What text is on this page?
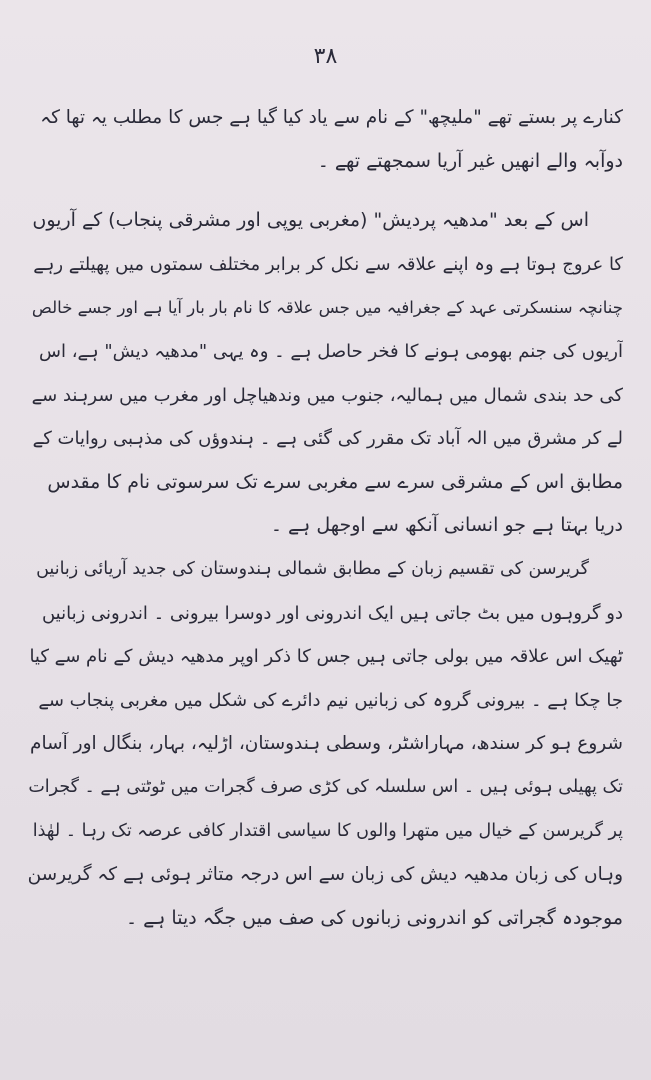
۳۸
کنارے پر بستے تھے "ملیچھ" کے نام سے یاد کیا گیا ہے جس کا مطلب یہ تھا کہ
دوآبہ والے انھیں غیر آریا سمجھتے تھے ۔
اس کے بعد "مدھیہ پردیش" (مغربی یوپی اور مشرقی پنجاب) کے آریوں
کا عروج ہوتا ہے وہ اپنے علاقہ سے نکل کر برابر مختلف سمتوں میں پھیلتے رہے
چنانچہ سنسکرتی عہد کے جغرافیہ میں جس علاقہ کا نام بار بار آیا ہے اور جسے خالص
آریوں کی جنم بھومی ہونے کا فخر حاصل ہے ۔ وہ یہی "مدھیہ دیش" ہے، اس
کی حد بندی شمال میں ہمالیہ، جنوب میں وندھیاچل اور مغرب میں سرہند سے
لے کر مشرق میں الہ آباد تک مقرر کی گئی ہے ۔ ہندوؤں کی مذہبی روایات کے
مطابق اس کے مشرقی سرے سے مغربی سرے تک سرسوتی نام کا مقدس
دریا بہتا ہے جو انسانی آنکھ سے اوجھل ہے ۔
گریرسن کی تقسیم زبان کے مطابق شمالی ہندوستان کی جدید آریائی زبانیں
دو گروہوں میں بٹ جاتی ہیں ایک اندرونی اور دوسرا بیرونی ۔ اندرونی زبانیں
ٹھیک اس علاقہ میں بولی جاتی ہیں جس کا ذکر اوپر مدھیہ دیش کے نام سے کیا
جا چکا ہے ۔ بیرونی گروہ کی زبانیں نیم دائرے کی شکل میں مغربی پنجاب سے
شروع ہو کر سندھ، مہاراشٹر، وسطی ہندوستان، اڑلیہ، بہار، بنگال اور آسام
تک پھیلی ہوئی ہیں ۔ اس سلسلہ کی کڑی صرف گجرات میں ٹوٹتی ہے ۔ گجرات
پر گریرسن کے خیال میں متھرا والوں کا سیاسی اقتدار کافی عرصہ تک رہا ۔ لھٰذا
وہاں کی زبان مدھیہ دیش کی زبان سے اس درجہ متاثر ہوئی ہے کہ گریرسن
موجودہ گجراتی کو اندرونی زبانوں کی صف میں جگہ دیتا ہے ۔
